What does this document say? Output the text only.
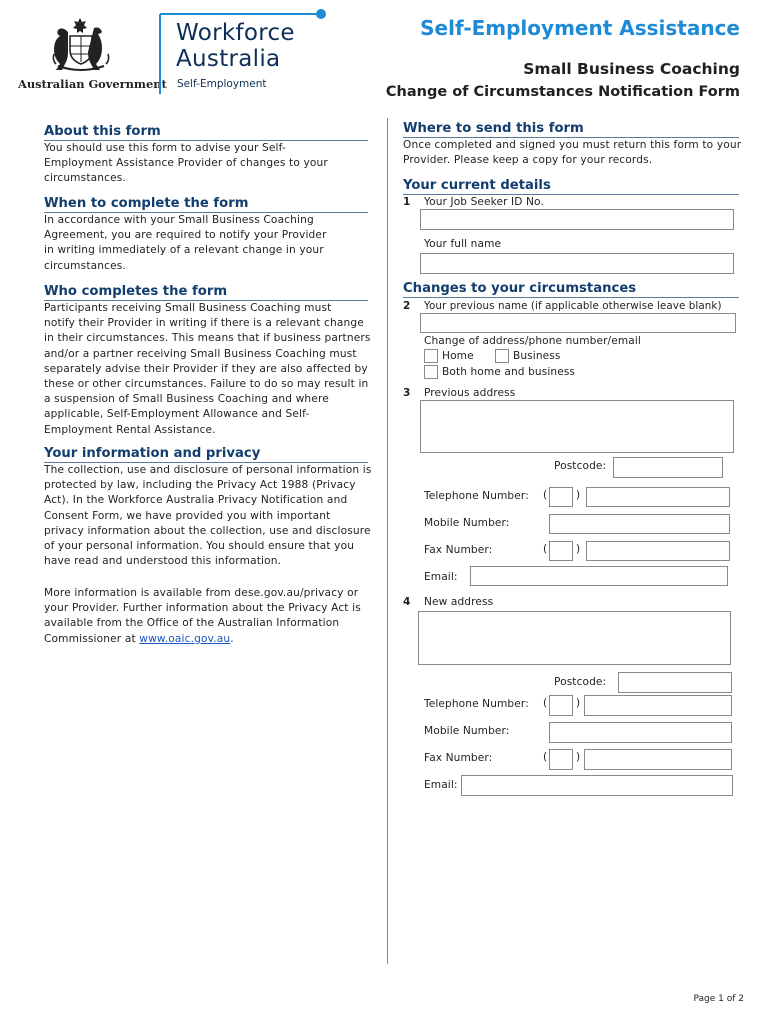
Australian Government
Workforce
Australia
Self-Employment
Self-Employment Assistance
Small Business Coaching
Change of Circumstances Notification Form
About this form
You should use this form to advise your Self-
Employment Assistance Provider of changes to your
circumstances.
When to complete the form
In accordance with your Small Business Coaching
Agreement, you are required to notify your Provider
in writing immediately of a relevant change in your
circumstances.
Who completes the form
Participants receiving Small Business Coaching must
notify their Provider in writing if there is a relevant change
in their circumstances. This means that if business partners
and/or a partner receiving Small Business Coaching must
separately advise their Provider if they are also affected by
these or other circumstances. Failure to do so may result in
a suspension of Small Business Coaching and where
applicable, Self-Employment Allowance and Self-
Employment Rental Assistance.
Your information and privacy
The collection, use and disclosure of personal information is
protected by law, including the Privacy Act 1988 (Privacy
Act). In the Workforce Australia Privacy Notification and
Consent Form, we have provided you with important
privacy information about the collection, use and disclosure
of your personal information. You should ensure that you
have read and understood this information.
More information is available from dese.gov.au/privacy or
your Provider. Further information about the Privacy Act is
available from the Office of the Australian Information
Commissioner at www.oaic.gov.au.
Where to send this form
Once completed and signed you must return this form to your
Provider. Please keep a copy for your records.
Your current details
1 Your Job Seeker ID No.
Your full name
Changes to your circumstances
2 Your previous name (if applicable otherwise leave blank)
Change of address/phone number/email
Home	Business
Both home and business
3 Previous address
Postcode:
Telephone Number: (	)
Mobile Number:
Fax Number:	(	)
Email:
4 New address
Postcode:
Telephone Number: (	)
Mobile Number:
Fax Number:	(	)
Email:
Page 1 of 2
